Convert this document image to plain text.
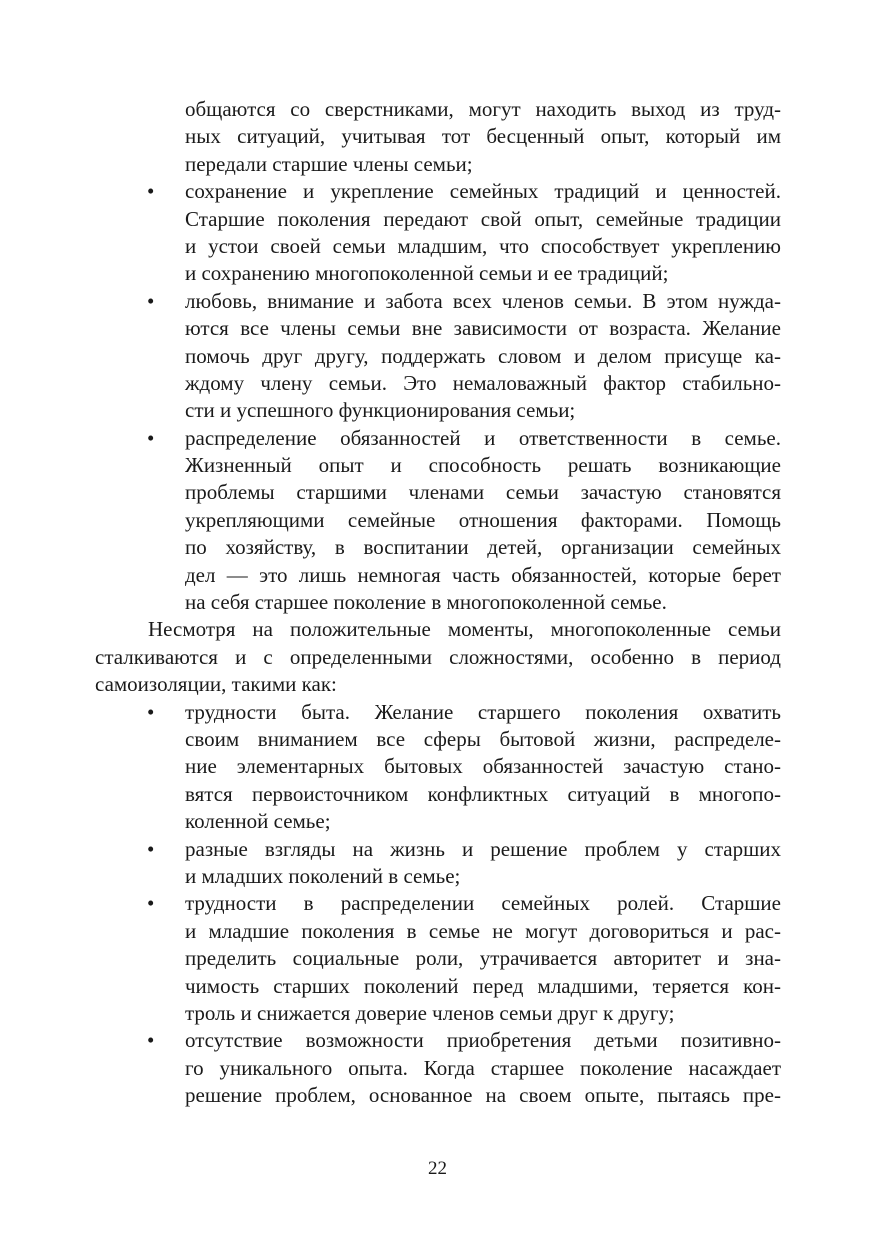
общаются со сверстниками, могут находить выход из труд-
ных ситуаций, учитывая тот бесценный опыт, который им
передали старшие члены семьи;
• сохранение и укрепление семейных традиций и ценностей.
Старшие поколения передают свой опыт, семейные традиции
и устои своей семьи младшим, что способствует укреплению
и сохранению многопоколенной семьи и ее традиций;
• любовь, внимание и забота всех членов семьи. В этом нужда-
ются все члены семьи вне зависимости от возраста. Желание
помочь друг другу, поддержать словом и делом присуще ка-
ждому члену семьи. Это немаловажный фактор стабильно-
сти и успешного функционирования семьи;
• распределение обязанностей и ответственности в семье.
Жизненный опыт и способность решать возникающие
проблемы старшими членами семьи зачастую становятся
укрепляющими семейные отношения факторами. Помощь
по хозяйству, в воспитании детей, организации семейных
дел — это лишь немногая часть обязанностей, которые берет
на себя старшее поколение в многопоколенной семье.
Несмотря на положительные моменты, многопоколенные семьи
сталкиваются и с определенными сложностями, особенно в период
самоизоляции, такими как:
• трудности быта. Желание старшего поколения охватить
своим вниманием все сферы бытовой жизни, распределе-
ние элементарных бытовых обязанностей зачастую стано-
вятся первоисточником конфликтных ситуаций в многопо-
коленной семье;
• разные взгляды на жизнь и решение проблем у старших
и младших поколений в семье;
• трудности в распределении семейных ролей. Старшие
и младшие поколения в семье не могут договориться и рас-
пределить социальные роли, утрачивается авторитет и зна-
чимость старших поколений перед младшими, теряется кон-
троль и снижается доверие членов семьи друг к другу;
• отсутствие возможности приобретения детьми позитивно-
го уникального опыта. Когда старшее поколение насаждает
решение проблем, основанное на своем опыте, пытаясь пре-
22
